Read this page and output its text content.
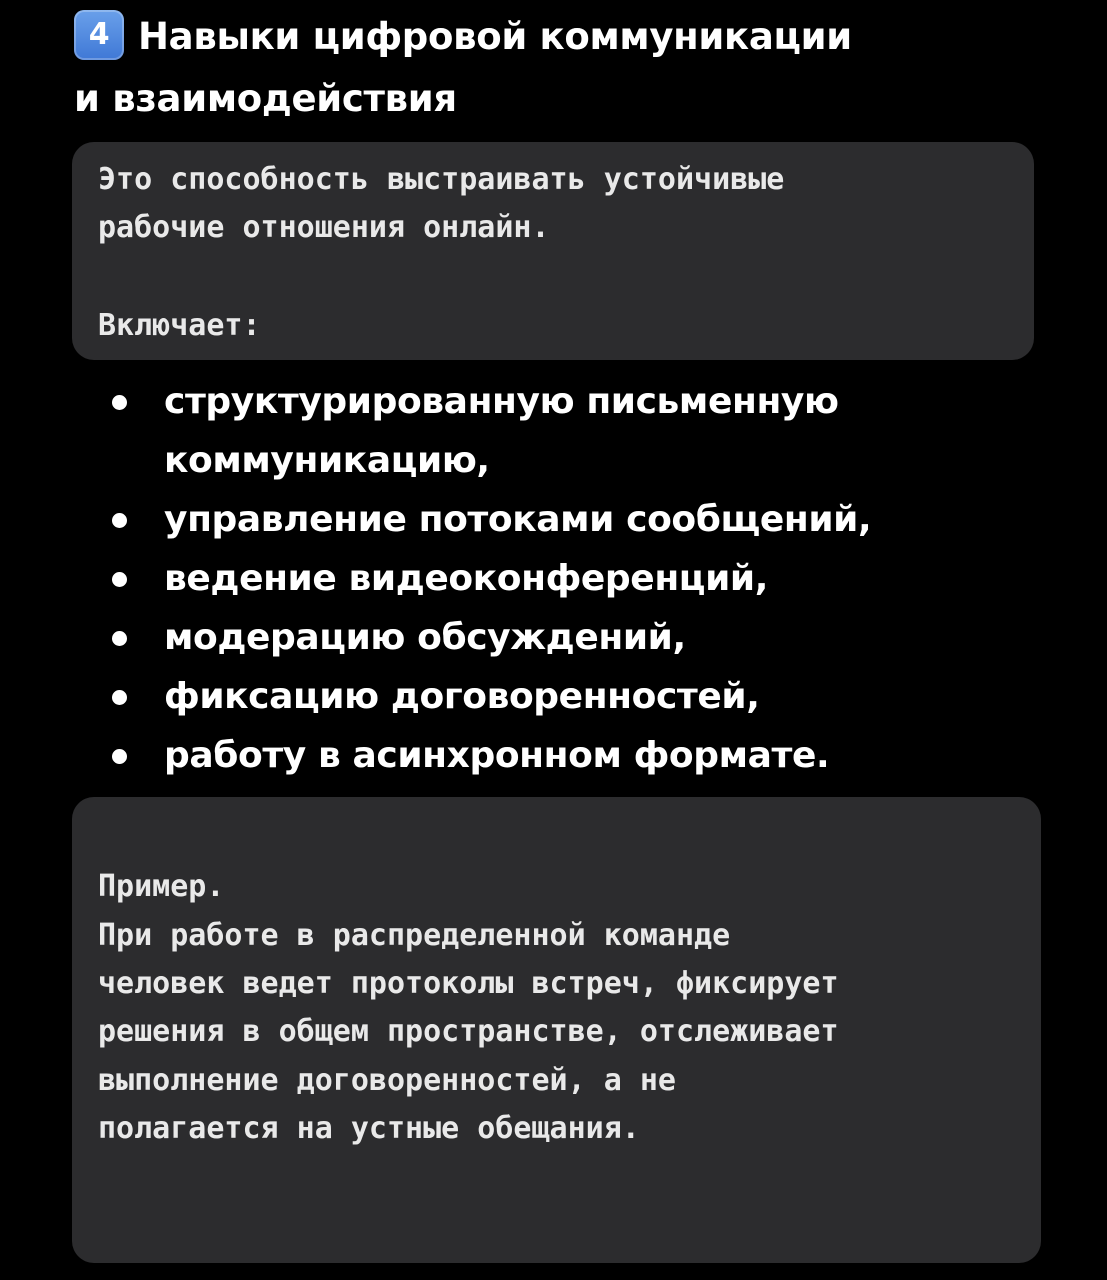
4 Навыки цифровой коммуникации
и взаимодействия

Это способность выстраивать устойчивые

рабочие отношения онлайн.

Включает:

структурированную письменную
коммуникацию,
управление потоками сообщений,
ведение видеоконференций,
модерацию обсуждений,
фиксацию договоренностей,
работу в асинхронном формате.

Пример.

При работе в распределенной команде

человек ведет протоколы встреч, фиксирует

решения в общем пространстве, отслеживает

выполнение договоренностей, а не

полагается на устные обещания.
